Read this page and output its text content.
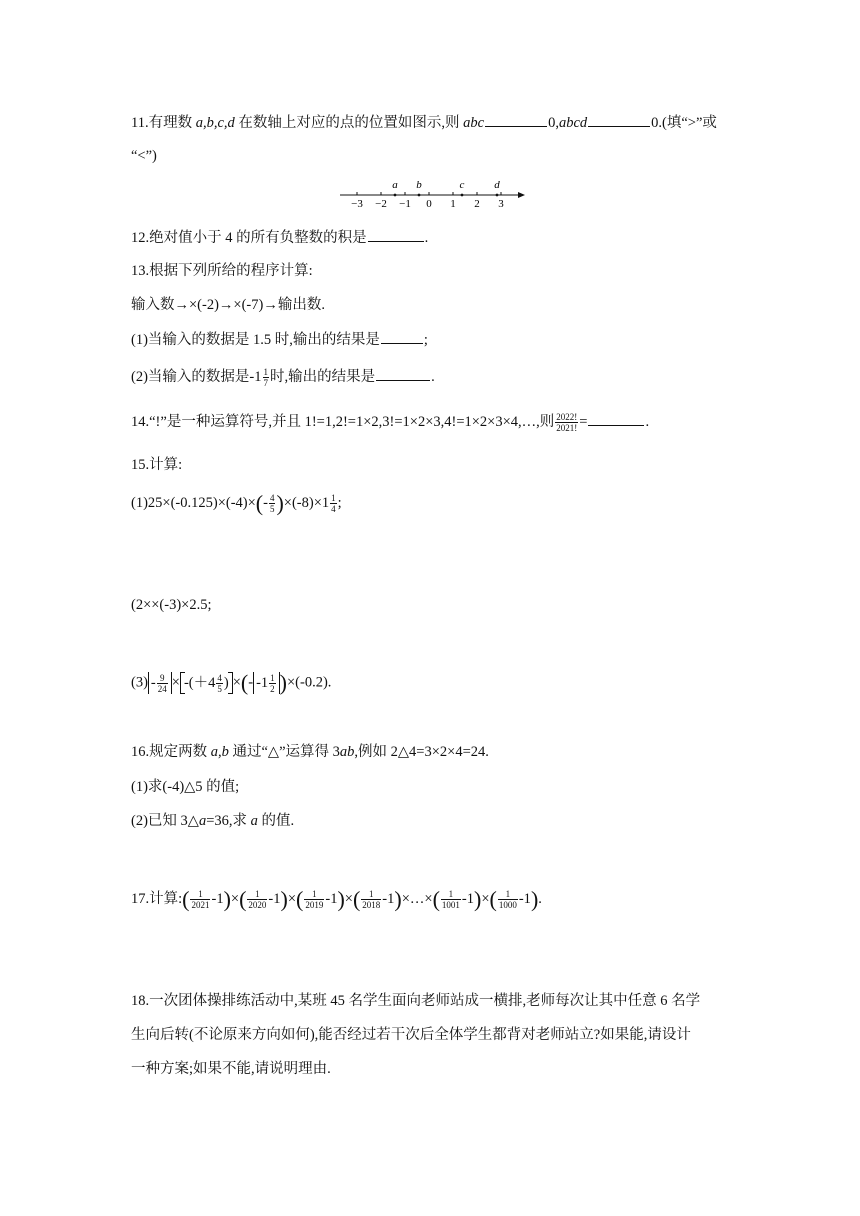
11.有理数 a,b,c,d 在数轴上对应的点的位置如图示,则 abc	0,abcd	0.(填“>”或
“<”)
−3 −2 −1 0 1 2 3
a b	c	d
12.绝对值小于 4 的所有负整数的积是	.
13.根据下列所给的程序计算:
输入数→×(-2)→×(-7)→输出数.
(1)当输入的数据是 1.5 时,输出的结果是	;
(2)当输入的数据是$-1 \frac{1}{7}$ 时,输出的结果是	.
14.“!”是一种运算符号,并且 1!=1,2!=1×2,3!=1×2×3,4!=1×2×3×4,…,则 $\frac{2022!}{2021!}$ =	.
15.计算:
$(1)25\times(-0.125)\times(-4)\times(- \frac{4}{5} )\times(-8)\times 1 \frac{1}{4}$ ;
(2××(-3)×2.5;
$(3) - \frac{9}{24} \times -(+4 \frac{4}{5}$ ) ×(- $-1 \frac{1}{2} )\times(-0.2)$.
16.规定两数 a,b 通过“△”运算得 3ab,例如 2△4=3×2×4=24.
(1)求(-4)△5 的值;
(2)已知 3△a=36,求 a 的值.
17.计算:( $\frac{1}{2021} -1)\times( \frac{1}{2020} -1)\times( \frac{1}{2019} -1)\times( \frac{1}{2018}$ -1)×…×( $\frac{1}{1001} -1)\times( \frac{1}{1000} -1)$.
18.一次团体操排练活动中,某班 45 名学生面向老师站成一横排,老师每次让其中任意 6 名学
生向后转(不论原来方向如何),能否经过若干次后全体学生都背对老师站立?如果能,请设计
一种方案;如果不能,请说明理由.
